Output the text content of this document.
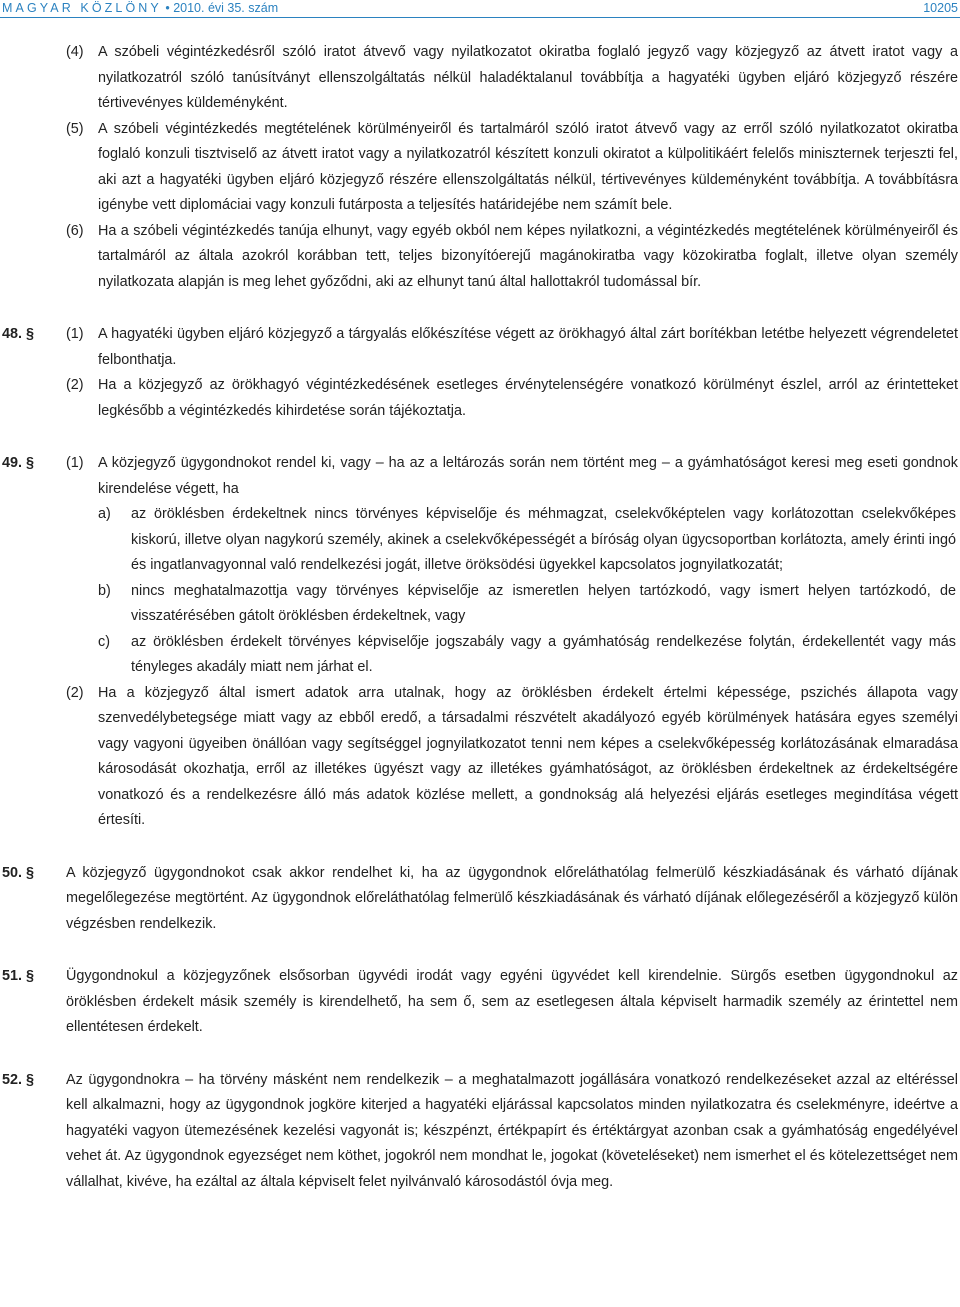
MAGYAR KÖZLÖNY • 2010. évi 35. szám	10205
(4)	A szóbeli végintézkedésről szóló iratot átvevő vagy nyilatkozatot okiratba foglaló jegyző vagy közjegyző az átvett iratot vagy a nyilatkozatról szóló tanúsítványt ellenszolgáltatás nélkül haladéktalanul továbbítja a hagyatéki ügyben eljáró közjegyző részére tértivevényes küldeményként.
(5)	A szóbeli végintézkedés megtételének körülményeiről és tartalmáról szóló iratot átvevő vagy az erről szóló nyilatkozatot okiratba foglaló konzuli tisztviselő az átvett iratot vagy a nyilatkozatról készített konzuli okiratot a külpolitikáért felelős miniszternek terjeszti fel, aki azt a hagyatéki ügyben eljáró közjegyző részére ellenszolgáltatás nélkül, tértivevényes küldeményként továbbítja. A továbbításra igénybe vett diplomáciai vagy konzuli futárposta a teljesítés határidejébe nem számít bele.
(6)	Ha a szóbeli végintézkedés tanúja elhunyt, vagy egyéb okból nem képes nyilatkozni, a végintézkedés megtételének körülményeiről és tartalmáról az általa azokról korábban tett, teljes bizonyítóerejű magánokiratba vagy közokiratba foglalt, illetve olyan személy nyilatkozata alapján is meg lehet győződni, aki az elhunyt tanú által hallottakról tudomással bír.
48. §	(1)	A hagyatéki ügyben eljáró közjegyző a tárgyalás előkészítése végett az örökhagyó által zárt borítékban letétbe helyezett végrendeletet felbonthatja.
(2)	Ha a közjegyző az örökhagyó végintézkedésének esetleges érvénytelenségére vonatkozó körülményt észlel, arról az érintetteket legkésőbb a végintézkedés kihirdetése során tájékoztatja.
49. §	(1)	A közjegyző ügygondnokot rendel ki, vagy – ha az a leltározás során nem történt meg – a gyámhatóságot keresi meg eseti gondnok kirendelése végett, ha
a)	az öröklésben érdekeltnek nincs törvényes képviselője és méhmagzat, cselekvőképtelen vagy korlátozottan cselekvőképes kiskorú, illetve olyan nagykorú személy, akinek a cselekvőképességét a bíróság olyan ügycsoportban korlátozta, amely érinti ingó és ingatlanvagyonnal való rendelkezési jogát, illetve öröksödési ügyekkel kapcsolatos jognyilatkozatát;
b)	nincs meghatalmazottja vagy törvényes képviselője az ismeretlen helyen tartózkodó, vagy ismert helyen tartózkodó, de visszatérésében gátolt öröklésben érdekeltnek, vagy
c)	az öröklésben érdekelt törvényes képviselője jogszabály vagy a gyámhatóság rendelkezése folytán, érdekellentét vagy más tényleges akadály miatt nem járhat el.
(2)	Ha a közjegyző által ismert adatok arra utalnak, hogy az öröklésben érdekelt értelmi képessége, pszichés állapota vagy szenvedélybetegsége miatt vagy az ebből eredő, a társadalmi részvételt akadályozó egyéb körülmények hatására egyes személyi vagy vagyoni ügyeiben önállóan vagy segítséggel jognyilatkozatot tenni nem képes a cselekvőképesség korlátozásának elmaradása károsodását okozhatja, erről az illetékes ügyészt vagy az illetékes gyámhatóságot, az öröklésben érdekeltnek az érdekeltségére vonatkozó és a rendelkezésre álló más adatok közlése mellett, a gondnokság alá helyezési eljárás esetleges megindítása végett értesíti.
50. §	A közjegyző ügygondnokot csak akkor rendelhet ki, ha az ügygondnok előreláthatólag felmerülő készkiadásának és várható díjának megelőlegezése megtörtént. Az ügygondnok előreláthatólag felmerülő készkiadásának és várható díjának előlegezéséről a közjegyző külön végzésben rendelkezik.
51. §	Ügygondnokul a közjegyzőnek elsősorban ügyvédi irodát vagy egyéni ügyvédet kell kirendelnie. Sürgős esetben ügygondnokul az öröklésben érdekelt másik személy is kirendelhető, ha sem ő, sem az esetlegesen általa képviselt harmadik személy az érintettel nem ellentétesen érdekelt.
52. §	Az ügygondnokra – ha törvény másként nem rendelkezik – a meghatalmazott jogállására vonatkozó rendelkezéseket azzal az eltéréssel kell alkalmazni, hogy az ügygondnok jogköre kiterjed a hagyatéki eljárással kapcsolatos minden nyilatkozatra és cselekményre, ideértve a hagyatéki vagyon ütemezésének kezelési vagyonát is; készpénzt, értékpapírt és értéktárgyat azonban csak a gyámhatóság engedélyével vehet át. Az ügygondnok egyezséget nem köthet, jogokról nem mondhat le, jogokat (követeléseket) nem ismerhet el és kötelezettséget nem vállalhat, kivéve, ha ezáltal az általa képviselt felet nyilvánvaló károsodástól óvja meg.
